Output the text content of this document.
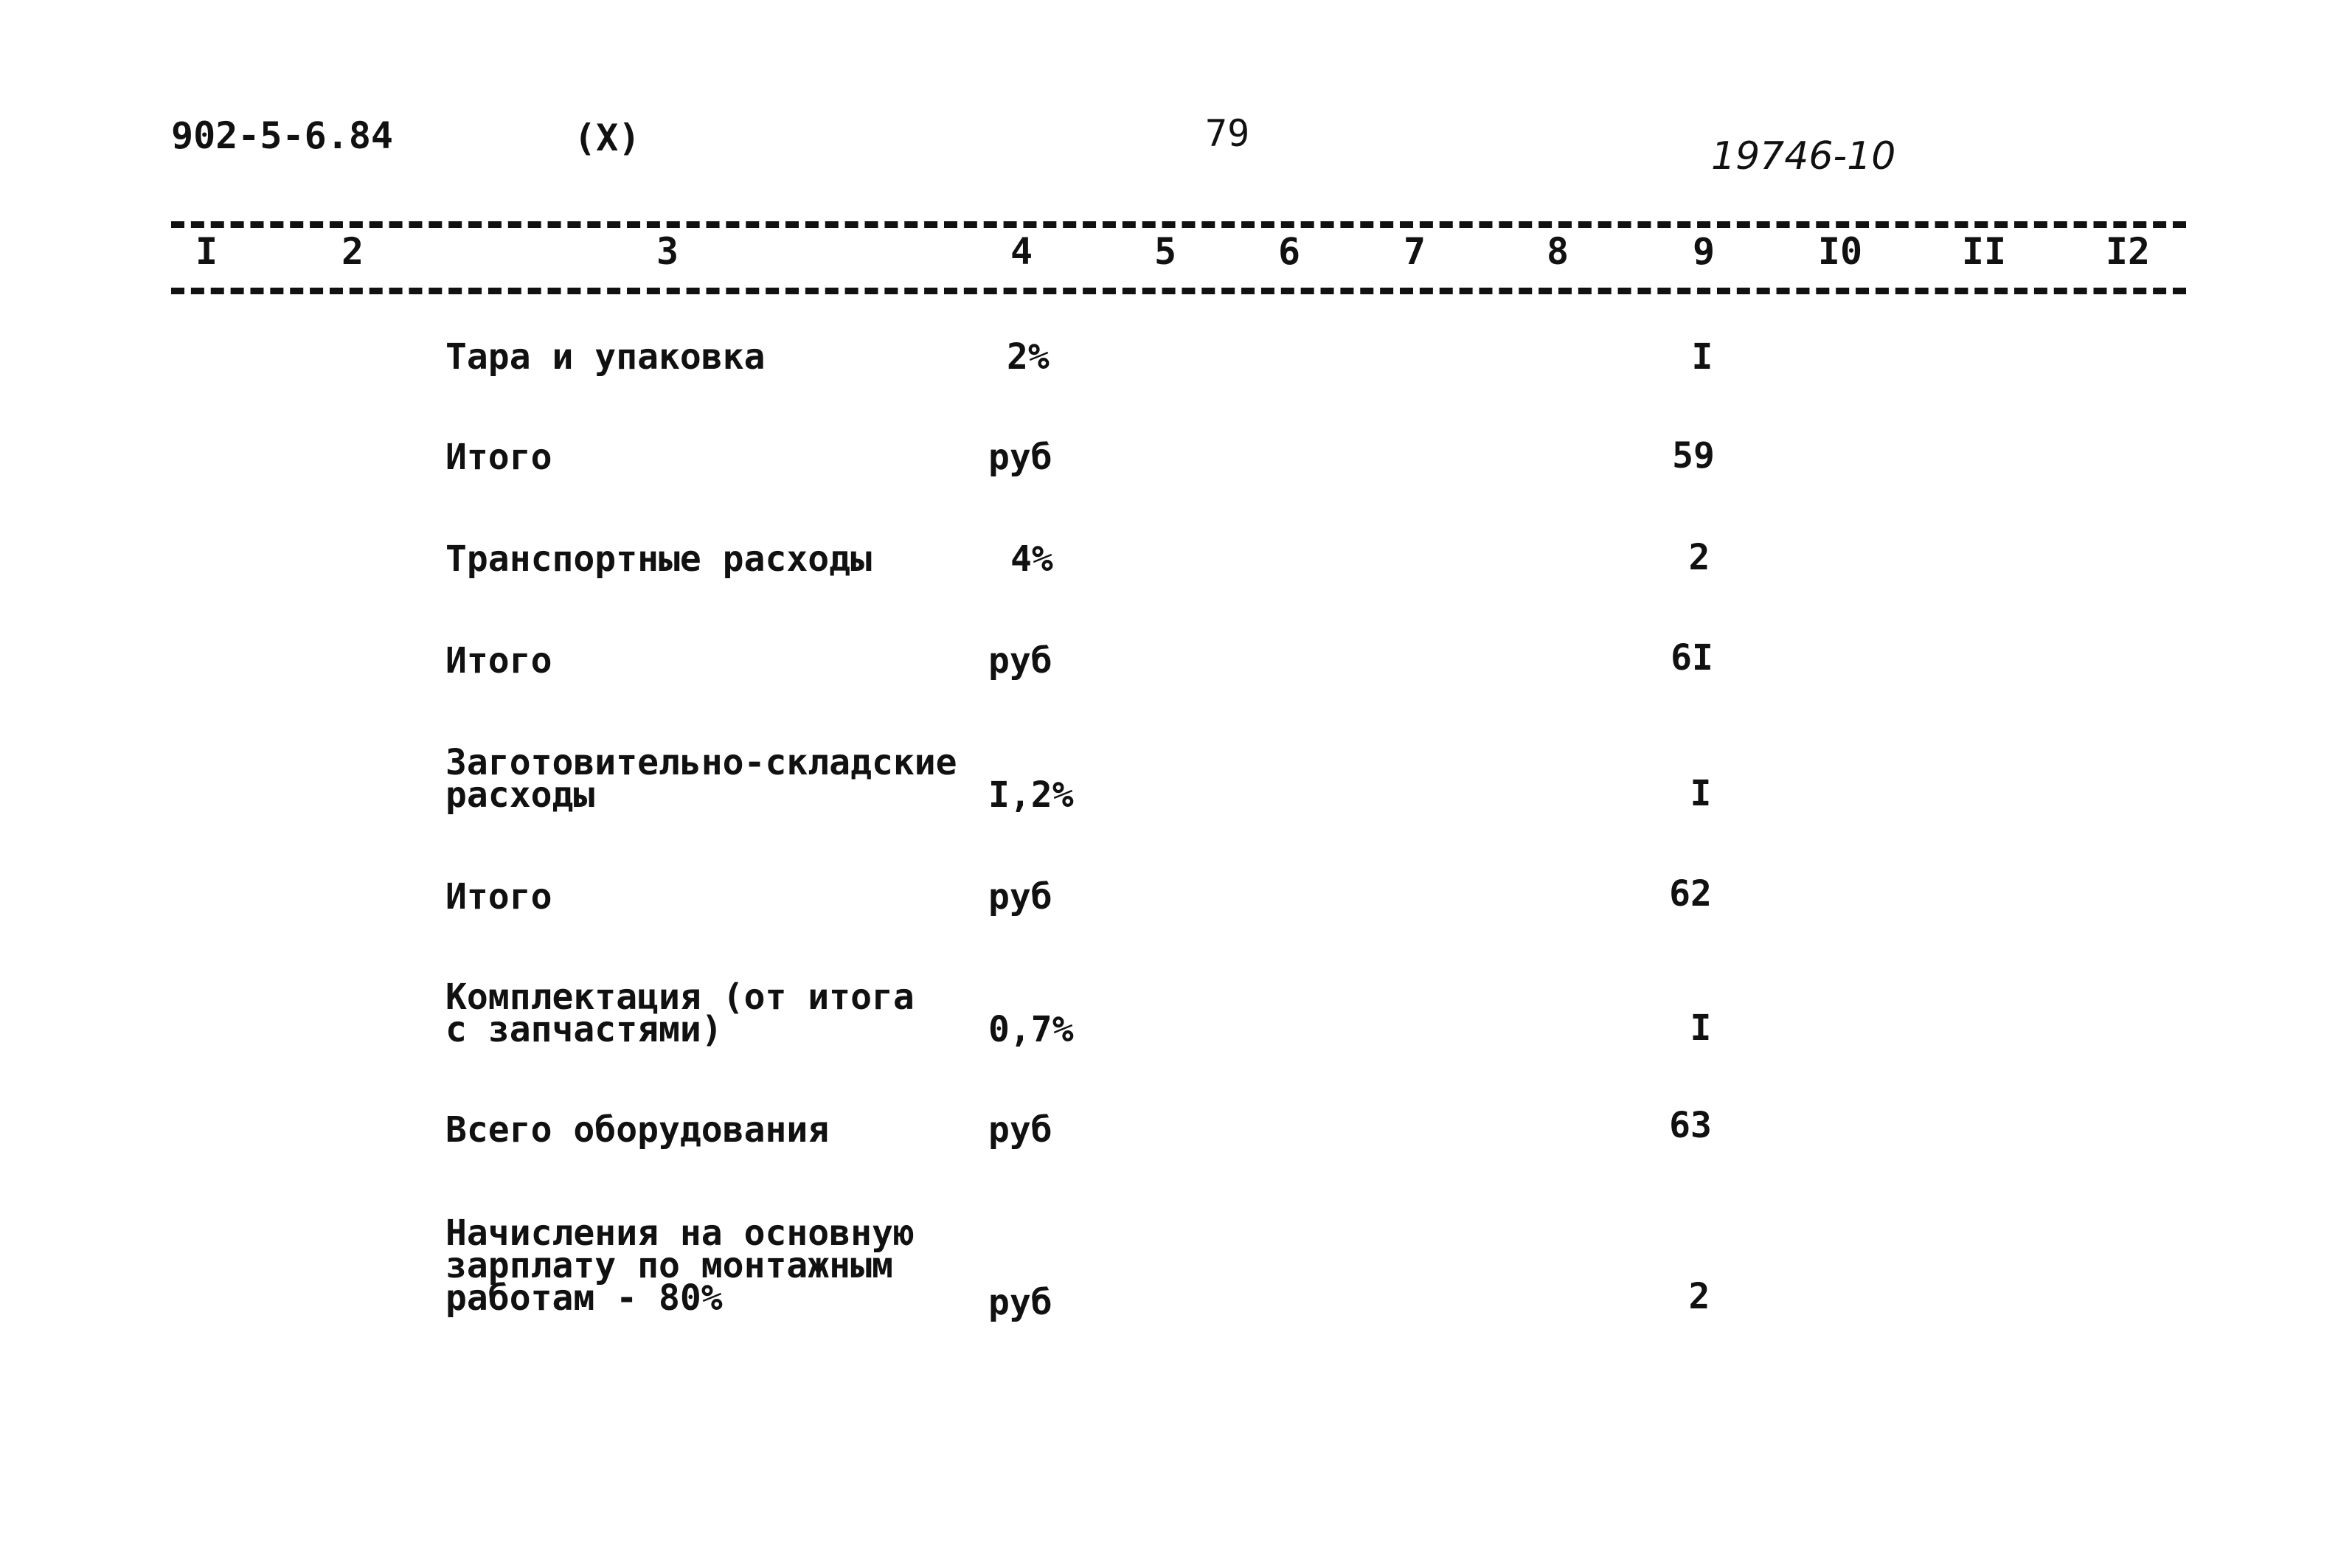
902-5-6.84	(X)	79
19746-10
I	2	3	4	5	6	7	8	9	I0	II	I2
Тара и упаковка	2%	I
Итого	руб	59
Транспортные расходы	4%	2
Итого	руб	6I
Заготовительно-складские
расходы	I,2%	I
Итого	руб	62
Комплектация (от итога
с запчастями)	0,7%	I
Всего оборудования	руб	63
Начисления на основную
зарплату по монтажным
работам - 80%	руб	2
